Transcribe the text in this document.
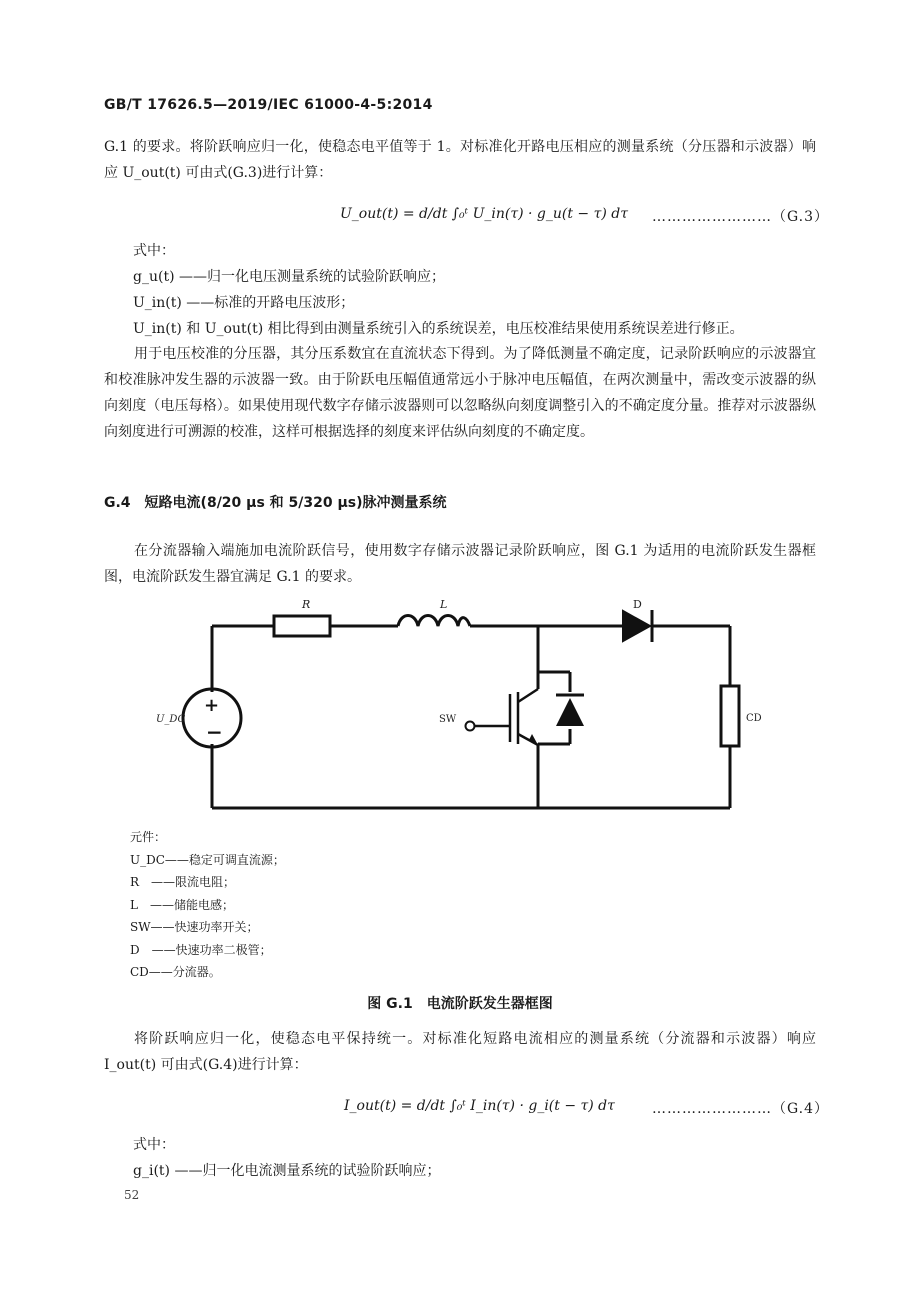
GB/T 17626.5—2019/IEC 61000-4-5:2014
G.1 的要求。将阶跃响应归一化，使稳态电平值等于 1。对标准化开路电压相应的测量系统（分压器和示波器）响应 U_out(t) 可由式(G.3)进行计算：
U_out(t) = d/dt ∫₀ᵗ U_in(τ) · g_u(t − τ) dτ ……………………（G.3）
式中：
g_u(t) ——归一化电压测量系统的试验阶跃响应；
U_in(t) ——标准的开路电压波形；
U_in(t) 和 U_out(t) 相比得到由测量系统引入的系统误差，电压校准结果使用系统误差进行修正。
用于电压校准的分压器，其分压系数宜在直流状态下得到。为了降低测量不确定度，记录阶跃响应的示波器宜和校准脉冲发生器的示波器一致。由于阶跃电压幅值通常远小于脉冲电压幅值，在两次测量中，需改变示波器的纵向刻度（电压每格）。如果使用现代数字存储示波器则可以忽略纵向刻度调整引入的不确定度分量。推荐对示波器纵向刻度进行可溯源的校准，这样可根据选择的刻度来评估纵向刻度的不确定度。
G.4　短路电流(8/20 μs 和 5/320 μs)脉冲测量系统
在分流器输入端施加电流阶跃信号，使用数字存储示波器记录阶跃响应，图 G.1 为适用的电流阶跃发生器框图，电流阶跃发生器宜满足 G.1 的要求。
+
−
R	L	D
U_DC	SW	CD
元件：
U_DC——稳定可调直流源；
R　——限流电阻；
L　——储能电感；
SW——快速功率开关；
D　——快速功率二极管；
CD——分流器。
图 G.1　电流阶跃发生器框图
将阶跃响应归一化，使稳态电平保持统一。对标准化短路电流相应的测量系统（分流器和示波器）响应 I_out(t) 可由式(G.4)进行计算：
I_out(t) = d/dt ∫₀ᵗ I_in(τ) · g_i(t − τ) dτ	……………………（G.4）
式中：
g_i(t) ——归一化电流测量系统的试验阶跃响应；
52
